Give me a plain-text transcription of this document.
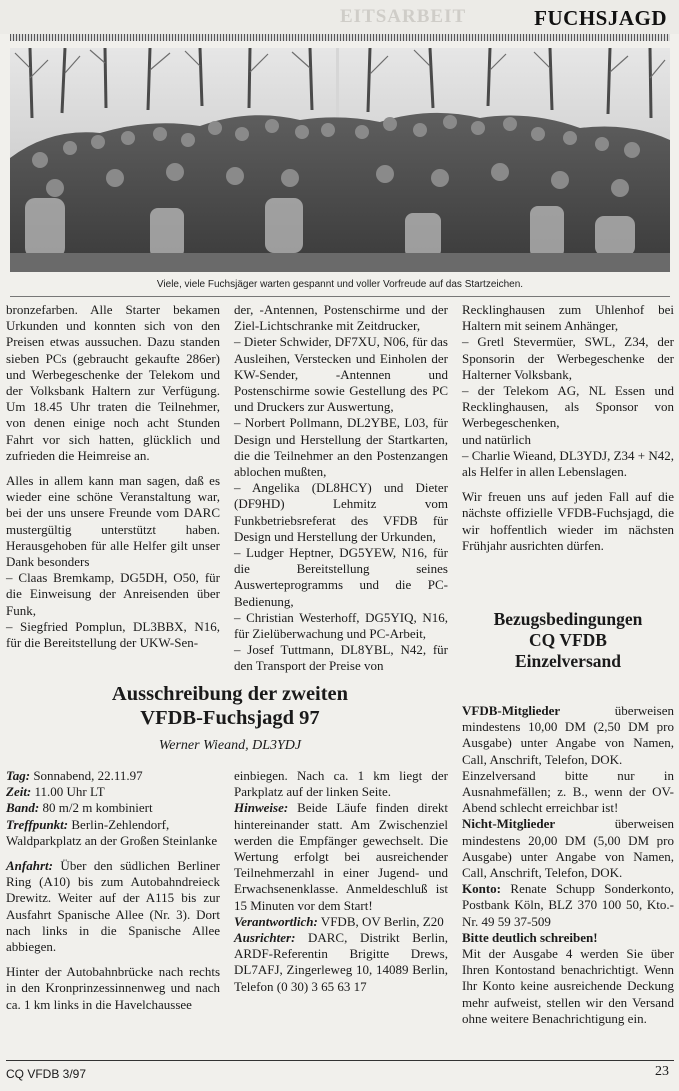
EITSARBEIT	FUCHSJAGD
Viele, viele Fuchsjäger warten gespannt und voller Vorfreude auf das Startzeichen.

bronzefarben. Alle Starter bekamen Urkunden und konnten sich von den Preisen etwas aussuchen. Dazu standen sieben PCs (gebraucht gekaufte 286er) und Werbegeschenke der Telekom und der Volksbank Haltern zur Verfügung. Um 18.45 Uhr traten die Teilnehmer, von denen einige noch acht Stunden Fahrt vor sich hatten, glücklich und zufrieden die Heimreise an.

Alles in allem kann man sagen, daß es wieder eine schöne Veranstaltung war, bei der uns unsere Freunde vom DARC mustergültig unterstützt haben. Herausgehoben für alle Helfer gilt unser Dank besonders

– Claas Bremkamp, DG5DH, O50, für die Einweisung der Anreisenden über Funk,

– Siegfried Pomplun, DL3BBX, N16, für die Bereitstellung der UKW-Sen-

der, -Antennen, Postenschirme und der Ziel-Lichtschranke mit Zeitdrucker,

– Dieter Schwider, DF7XU, N06, für das Ausleihen, Verstecken und Einholen der KW-Sender, -Antennen und Postenschirme sowie Gestellung des PC und Druckers zur Auswertung,

– Norbert Pollmann, DL2YBE, L03, für Design und Herstellung der Startkarten, die die Teilnehmer an den Postenzangen ablochen mußten,

– Angelika (DL8HCY) und Dieter (DF9HD) Lehmitz vom Funkbetriebsreferat des VFDB für Design und Herstellung der Urkunden,

– Ludger Heptner, DG5YEW, N16, für die Bereitstellung seines Auswerteprogramms und die PC-Bedienung,

– Christian Westerhoff, DG5YIQ, N16, für Zielüberwachung und PC-Arbeit,

– Josef Tuttmann, DL8YBL, N42, für den Transport der Preise von

Recklinghausen zum Uhlenhof bei Haltern mit seinem Anhänger,

– Gretl Stevermüer, SWL, Z34, der Sponsorin der Werbegeschenke der Halterner Volksbank,

– der Telekom AG, NL Essen und Recklinghausen, als Sponsor von Werbegeschenken,

und natürlich

– Charlie Wieand, DL3YDJ, Z34 + N42, als Helfer in allen Lebenslagen.

Wir freuen uns auf jeden Fall auf die nächste offizielle VFDB-Fuchsjagd, die wir hoffentlich wieder im nächsten Frühjahr ausrichten dürfen.

Ausschreibung der zweiten
VFDB-Fuchsjagd 97
Werner Wieand, DL3YDJ

Tag: Sonnabend, 22.11.97
Zeit: 11.00 Uhr LT
Band: 80 m/2 m kombiniert
Treffpunkt: Berlin-Zehlendorf, Waldparkplatz an der Großen Steinlanke

Anfahrt: Über den südlichen Berliner Ring (A10) bis zum Autobahndreieck Drewitz. Weiter auf der A115 bis zur Ausfahrt Spanische Allee (Nr. 3). Dort nach links in die Spanische Allee abbiegen.

Hinter der Autobahnbrücke nach rechts in den Kronprinzessinnenweg und nach ca. 1 km links in die Havelchaussee

einbiegen. Nach ca. 1 km liegt der Parkplatz auf der linken Seite.

Hinweise: Beide Läufe finden direkt hintereinander statt. Am Zwischenziel werden die Empfänger gewechselt. Die Wertung erfolgt bei ausreichender Teilnehmerzahl in einer Jugend- und Erwachsenenklasse. Anmeldeschluß ist 15 Minuten vor dem Start!

Verantwortlich: VFDB, OV Berlin, Z20

Ausrichter: DARC, Distrikt Berlin, ARDF-Referentin Brigitte Drews, DL7AFJ, Zingerleweg 10, 14089 Berlin, Telefon (0 30) 3 65 63 17

Bezugsbedingungen
CQ VFDB
Einzelversand

VFDB-Mitglieder überweisen mindestens 10,00 DM (2,50 DM pro Ausgabe) unter Angabe von Namen, Call, Anschrift, Telefon, DOK.

Einzelversand bitte nur in Ausnahmefällen; z. B., wenn der OV-Abend schlecht erreichbar ist!

Nicht-Mitglieder überweisen mindestens 20,00 DM (5,00 DM pro Ausgabe) unter Angabe von Namen, Call, Anschrift, Telefon, DOK.

Konto: Renate Schupp Sonderkonto, Postbank Köln, BLZ 370 100 50, Kto.-Nr. 49 59 37-509

Bitte deutlich schreiben!

Mit der Ausgabe 4 werden Sie über Ihren Kontostand benachrichtigt. Wenn Ihr Konto keine ausreichende Deckung mehr aufweist, stellen wir den Versand ohne weitere Benachrichtigung ein.

CQ VFDB 3/97	23
